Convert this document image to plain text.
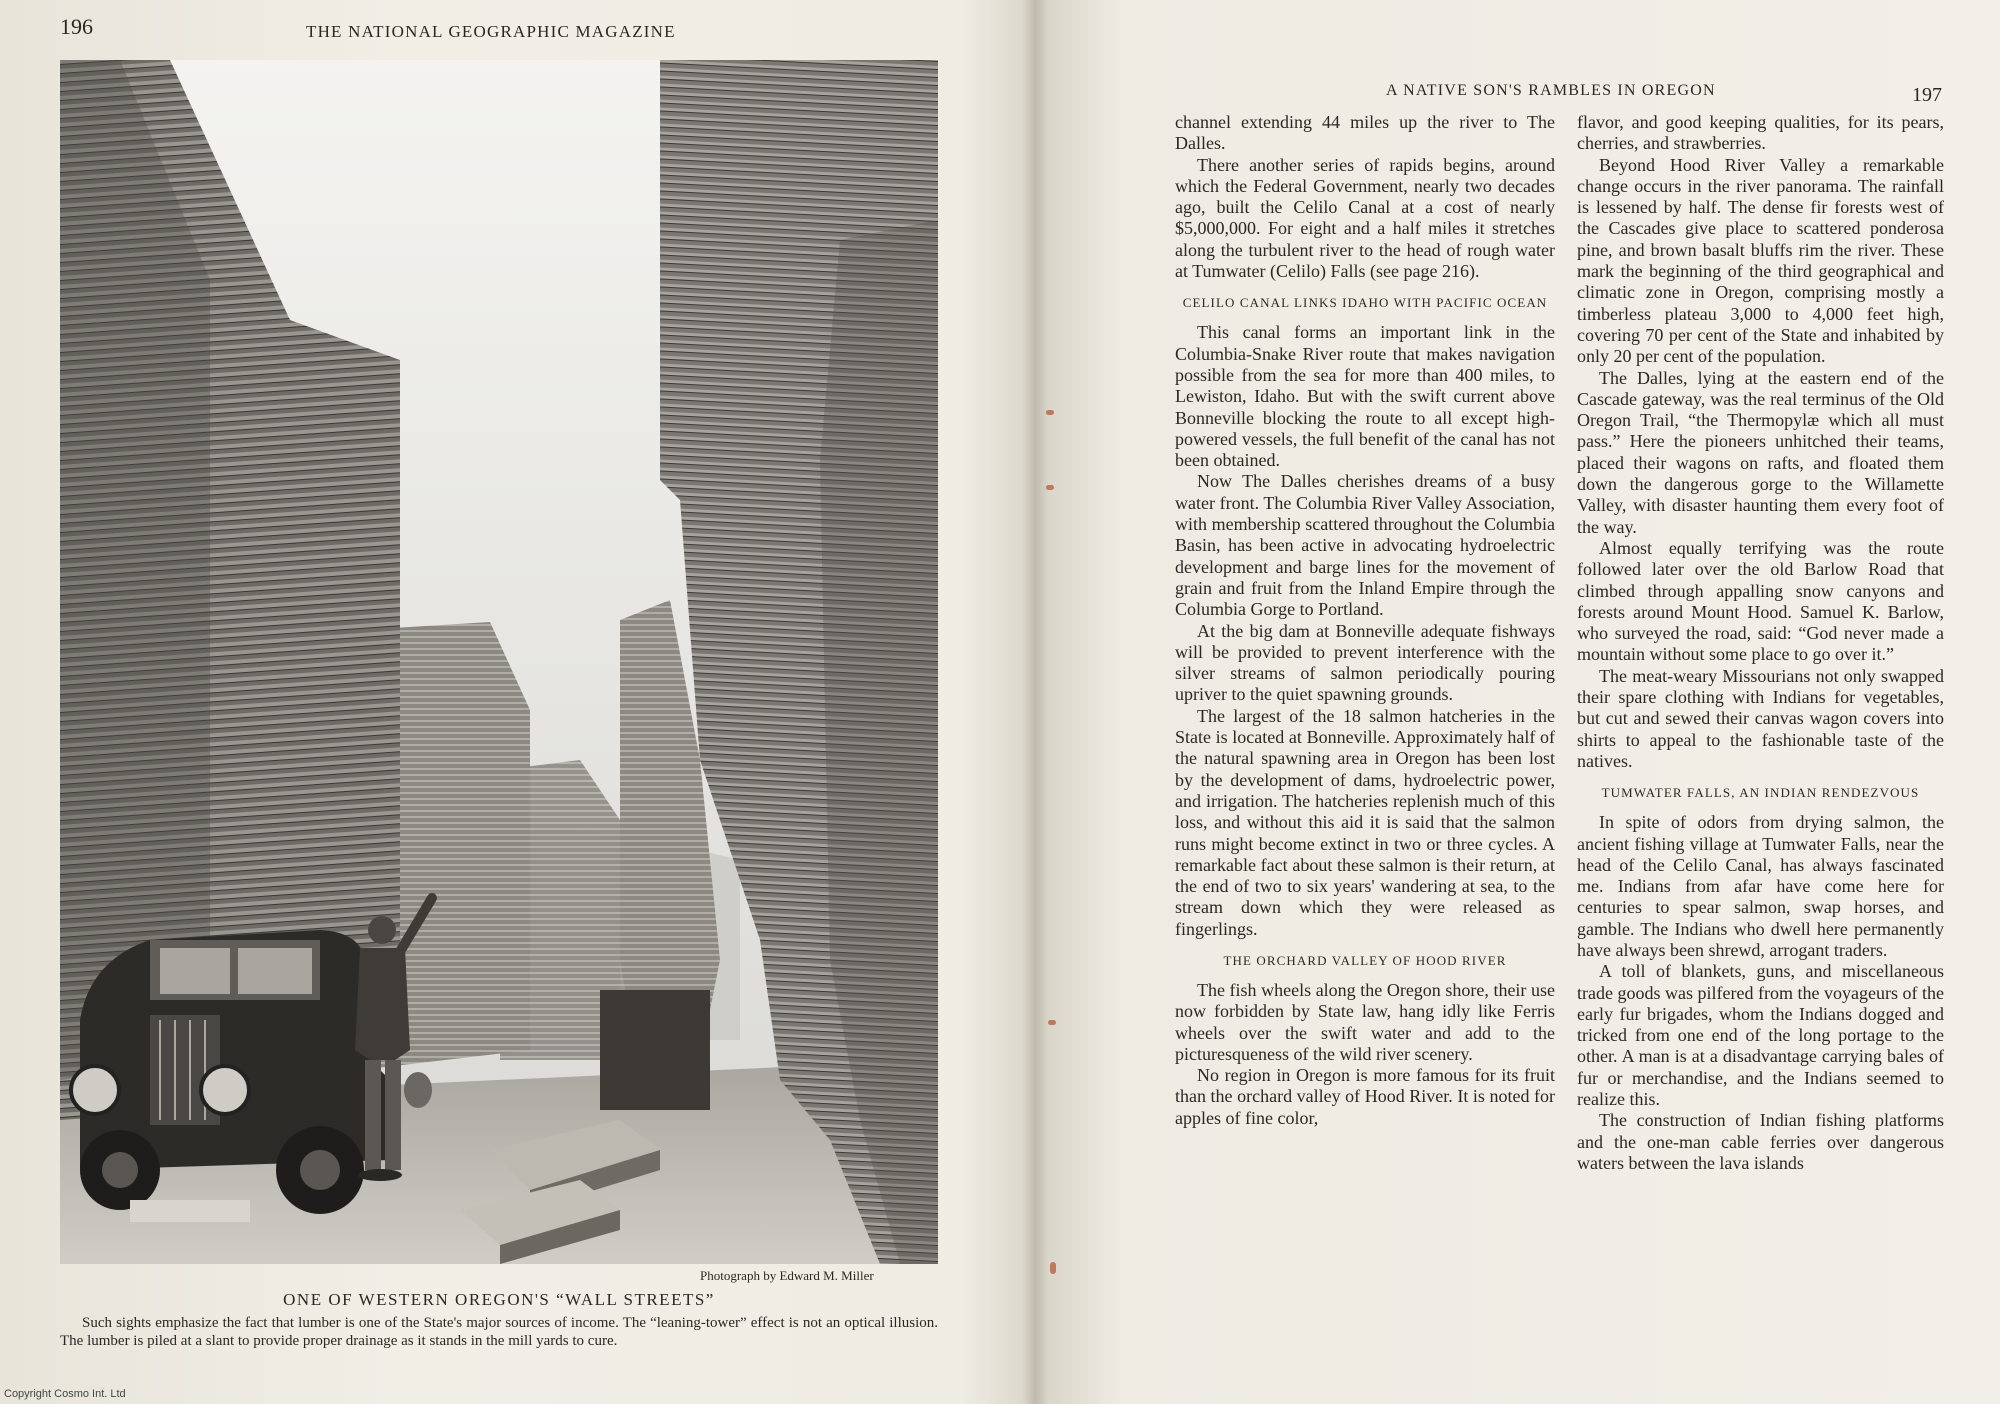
196	THE NATIONAL GEOGRAPHIC MAGAZINE
Photograph by Edward M. Miller
ONE OF WESTERN OREGON'S “WALL STREETS”
Such sights emphasize the fact that lumber is one of the State's major sources of income. The “leaning-tower” effect is not an optical illusion. The lumber is piled at a slant to provide proper drainage as it stands in the mill yards to cure.
A NATIVE SON'S RAMBLES IN OREGON	197

channel extending 44 miles up the river to The Dalles.

There another series of rapids begins, around which the Federal Government, nearly two decades ago, built the Celilo Canal at a cost of nearly $5,000,000. For eight and a half miles it stretches along the turbulent river to the head of rough water at Tumwater (Celilo) Falls (see page 216).

CELILO CANAL LINKS IDAHO WITH PACIFIC OCEAN

This canal forms an important link in the Columbia-Snake River route that makes navigation possible from the sea for more than 400 miles, to Lewiston, Idaho. But with the swift current above Bonneville blocking the route to all except high-powered vessels, the full benefit of the canal has not been obtained.

Now The Dalles cherishes dreams of a busy water front. The Columbia River Valley Association, with membership scattered throughout the Columbia Basin, has been active in advocating hydroelectric development and barge lines for the movement of grain and fruit from the Inland Empire through the Columbia Gorge to Portland.

At the big dam at Bonneville adequate fishways will be provided to prevent interference with the silver streams of salmon periodically pouring upriver to the quiet spawning grounds.

The largest of the 18 salmon hatcheries in the State is located at Bonneville. Approximately half of the natural spawning area in Oregon has been lost by the development of dams, hydroelectric power, and irrigation. The hatcheries replenish much of this loss, and without this aid it is said that the salmon runs might become extinct in two or three cycles. A remarkable fact about these salmon is their return, at the end of two to six years' wandering at sea, to the stream down which they were released as fingerlings.

THE ORCHARD VALLEY OF HOOD RIVER

The fish wheels along the Oregon shore, their use now forbidden by State law, hang idly like Ferris wheels over the swift water and add to the picturesqueness of the wild river scenery.

No region in Oregon is more famous for its fruit than the orchard valley of Hood River. It is noted for apples of fine color,

flavor, and good keeping qualities, for its pears, cherries, and strawberries.

Beyond Hood River Valley a remarkable change occurs in the river panorama. The rainfall is lessened by half. The dense fir forests west of the Cascades give place to scattered ponderosa pine, and brown basalt bluffs rim the river. These mark the beginning of the third geographical and climatic zone in Oregon, comprising mostly a timberless plateau 3,000 to 4,000 feet high, covering 70 per cent of the State and inhabited by only 20 per cent of the population.

The Dalles, lying at the eastern end of the Cascade gateway, was the real terminus of the Old Oregon Trail, “the Thermopylæ which all must pass.” Here the pioneers unhitched their teams, placed their wagons on rafts, and floated them down the dangerous gorge to the Willamette Valley, with disaster haunting them every foot of the way.

Almost equally terrifying was the route followed later over the old Barlow Road that climbed through appalling snow canyons and forests around Mount Hood. Samuel K. Barlow, who surveyed the road, said: “God never made a mountain without some place to go over it.”

The meat-weary Missourians not only swapped their spare clothing with Indians for vegetables, but cut and sewed their canvas wagon covers into shirts to appeal to the fashionable taste of the natives.

TUMWATER FALLS, AN INDIAN RENDEZVOUS

In spite of odors from drying salmon, the ancient fishing village at Tumwater Falls, near the head of the Celilo Canal, has always fascinated me. Indians from afar have come here for centuries to spear salmon, swap horses, and gamble. The Indians who dwell here permanently have always been shrewd, arrogant traders.

A toll of blankets, guns, and miscellaneous trade goods was pilfered from the voyageurs of the early fur brigades, whom the Indians dogged and tricked from one end of the long portage to the other. A man is at a disadvantage carrying bales of fur or merchandise, and the Indians seemed to realize this.

The construction of Indian fishing platforms and the one-man cable ferries over dangerous waters between the lava islands

Copyright Cosmo Int. Ltd
